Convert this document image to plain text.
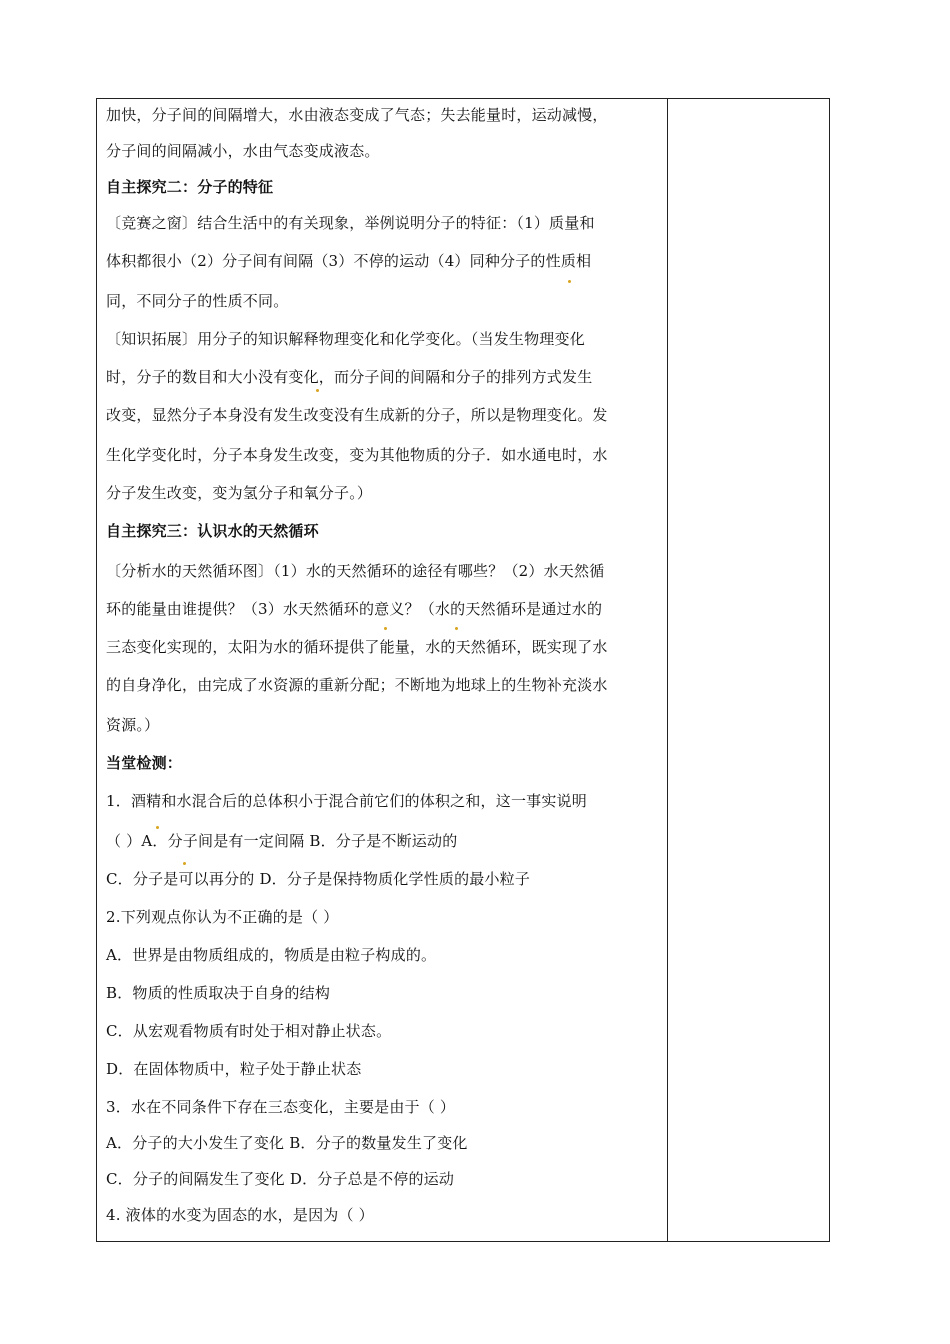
加快，分子间的间隔增大，水由液态变成了气态；失去能量时，运动减慢，
分子间的间隔减小，水由气态变成液态。
自主探究二：分子的特征
〔竞赛之窗〕结合生活中的有关现象，举例说明分子的特征：（1）质量和
体积都很小（2）分子间有间隔（3）不停的运动（4）同种分子的性质相
同，不同分子的性质不同。
〔知识拓展〕用分子的知识解释物理变化和化学变化。（当发生物理变化
时，分子的数目和大小没有变化，而分子间的间隔和分子的排列方式发生
改变，显然分子本身没有发生改变没有生成新的分子，所以是物理变化。发
生化学变化时，分子本身发生改变，变为其他物质的分子．如水通电时，水
分子发生改变，变为氢分子和氧分子。）
自主探究三：认识水的天然循环
〔分析水的天然循环图〕（1）水的天然循环的途径有哪些？（2）水天然循
环的能量由谁提供？（3）水天然循环的意义？（水的天然循环是通过水的
三态变化实现的，太阳为水的循环提供了能量，水的天然循环，既实现了水
的自身净化，由完成了水资源的重新分配；不断地为地球上的生物补充淡水
资源。）
当堂检测：
1．酒精和水混合后的总体积小于混合前它们的体积之和，这一事实说明
（ ）A．分子间是有一定间隔 B．分子是不断运动的
C．分子是可以再分的 D．分子是保持物质化学性质的最小粒子
2.下列观点你认为不正确的是（ ）
A．世界是由物质组成的，物质是由粒子构成的。
B．物质的性质取决于自身的结构
C．从宏观看物质有时处于相对静止状态。
D．在固体物质中，粒子处于静止状态
3．水在不同条件下存在三态变化，主要是由于（ ）
A．分子的大小发生了变化 B．分子的数量发生了变化
C．分子的间隔发生了变化 D．分子总是不停的运动
4. 液体的水变为固态的水，是因为（ ）
